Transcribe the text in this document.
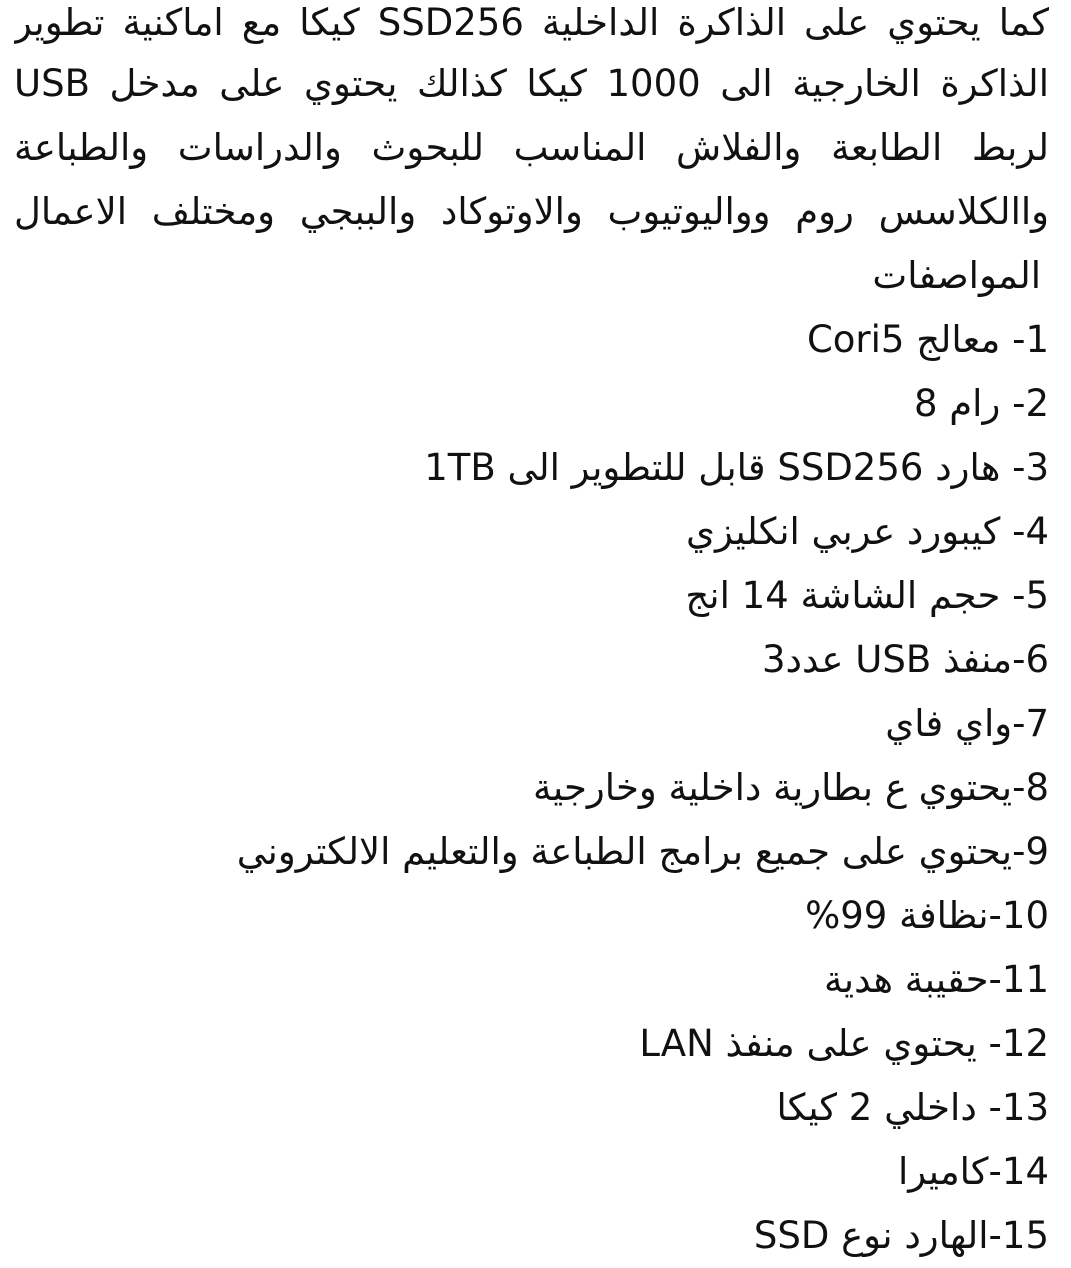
كما يحتوي على الذاكرة الداخلية SSD256 كيكا مع اماكنية تطوير
الذاكرة الخارجية الى 1000 كيكا كذالك يحتوي على مدخل USB
لربط الطابعة والفلاش المناسب للبحوث والدراسات والطباعة
واالكلاسس روم وواليوتيوب والاوتوكاد والببجي ومختلف الاعمال
المواصفات
1- معالج Cori5
2- رام 8
3- هارد SSD256 قابل للتطوير الى 1TB
4- كيبورد عربي انكليزي
5- حجم الشاشة 14 انج
6-منفذ USB عدد3
7-واي فاي
8-يحتوي ع بطارية داخلية وخارجية
9-يحتوي على جميع برامج الطباعة والتعليم الالكتروني
10-نظافة 99%
11-حقيبة هدية
12- يحتوي على منفذ LAN
13- داخلي 2 كيكا
14-كاميرا
15-الهارد نوع SSD
